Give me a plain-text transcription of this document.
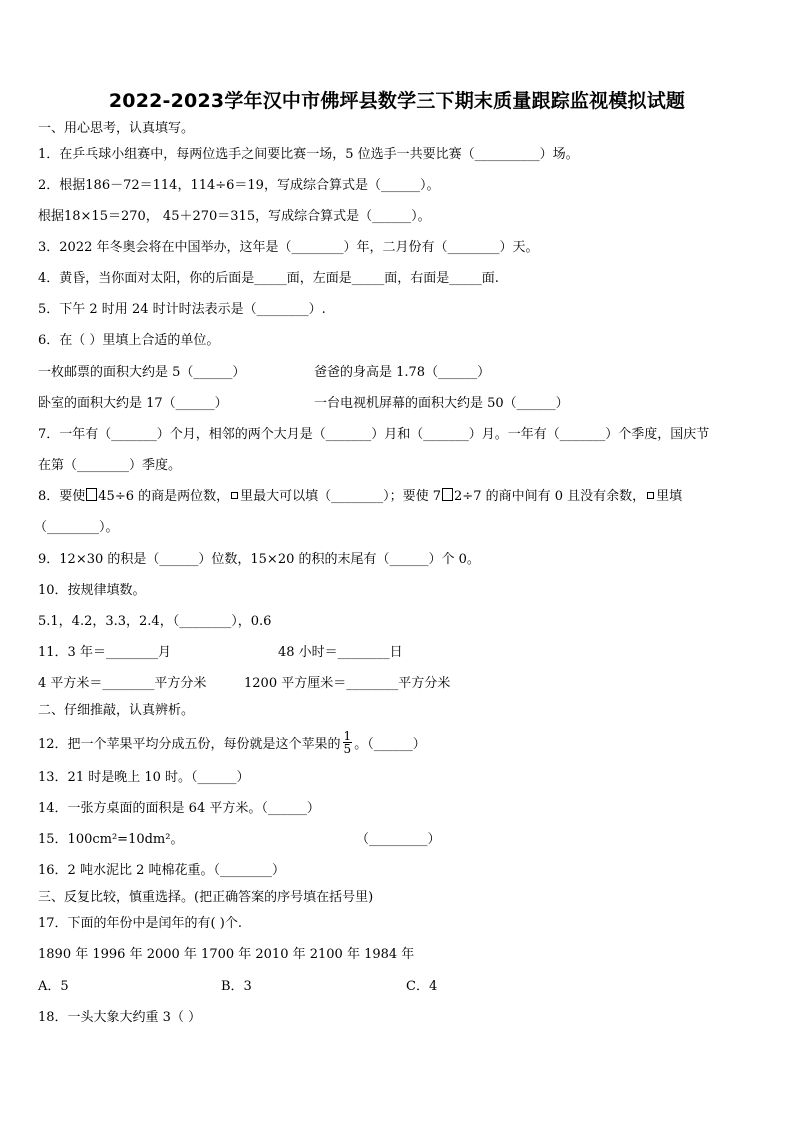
2022-2023学年汉中市佛坪县数学三下期末质量跟踪监视模拟试题
一、用心思考，认真填写。
1．在乒乓球小组赛中，每两位选手之间要比赛一场，5 位选手一共要比赛（__________）场。
2．根据186－72＝114，114÷6＝19，写成综合算式是（______）。
根据18×15＝270， 45＋270＝315，写成综合算式是（______）。
3．2022 年冬奥会将在中国举办，这年是（________）年，二月份有（________）天。
4．黄昏，当你面对太阳，你的后面是_____面，左面是_____面，右面是_____面.
5．下午 2 时用 24 时计时法表示是（________）.
6．在（ ）里填上合适的单位。
一枚邮票的面积大约是 5（______）	爸爸的身高是 1.78（______）
卧室的面积大约是 17（______）	一台电视机屏幕的面积大约是 50（______）
7．一年有（_______）个月，相邻的两个大月是（_______）月和（_______）月。一年有（_______）个季度，国庆节
在第（________）季度。
8．要使 45÷6 的商是两位数， 里最大可以填（________）；要使 7 2÷7 的商中间有 0 且没有余数， 里填
（________）。
9．12×30 的积是（______）位数，15×20 的积的末尾有（______）个 0。
10．按规律填数。
5.1，4.2，3.3，2.4，（________），0.6
11．3 年＝________月	48 小时＝________日
4 平方米＝________平方分米	1200 平方厘米＝________平方分米
二、仔细推敲，认真辨析。
12．把一个苹果平均分成五份，每份就是这个苹果的 $\frac{1}{5}$ 。（______）
13．21 时是晚上 10 时。（______）
14．一张方桌面的面积是 64 平方米。（______）
15．100cm²=10dm²。	（_________）
16．2 吨水泥比 2 吨棉花重。（________）
三、反复比较，慎重选择。(把正确答案的序号填在括号里)
17．下面的年份中是闰年的有( )个.
1890 年 1996 年 2000 年 1700 年 2010 年 2100 年 1984 年
A．5	B．3	C．4
18．一头大象大约重 3（ ）
